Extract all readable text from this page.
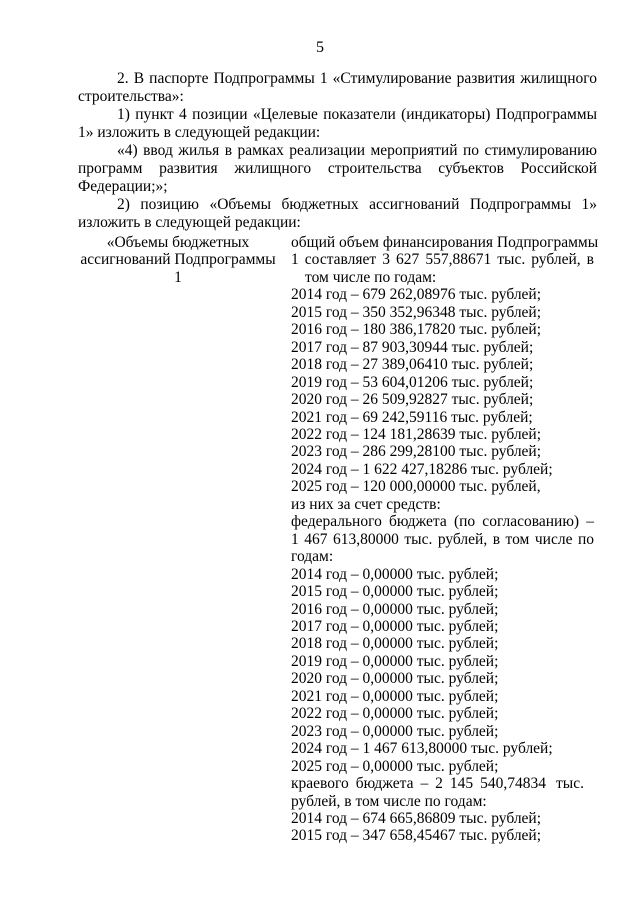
5

2. В паспорте Подпрограммы 1 «Стимулирование развития жилищного строительства»:

1) пункт 4 позиции «Целевые показатели (индикаторы) Подпрограммы 1» изложить в следующей редакции:

«4) ввод жилья в рамках реализации мероприятий по стимулированию программ развития жилищного строительства субъектов Российской Федерации;»;

2) позицию «Объемы бюджетных ассигнований Подпрограммы 1» изложить в следующей редакции:

«Объемы бюджетных
ассигнований Подпрограммы 1
общий объем финансирования Подпрограммы
1 составляет 3 627 557,88671 тыс. рублей, в
том числе по годам:
2014 год – 679 262,08976 тыс. рублей;
2015 год – 350 352,96348 тыс. рублей;
2016 год – 180 386,17820 тыс. рублей;
2017 год – 87 903,30944 тыс. рублей;
2018 год – 27 389,06410 тыс. рублей;
2019 год – 53 604,01206 тыс. рублей;
2020 год – 26 509,92827 тыс. рублей;
2021 год – 69 242,59116 тыс. рублей;
2022 год – 124 181,28639 тыс. рублей;
2023 год – 286 299,28100 тыс. рублей;
2024 год – 1 622 427,18286 тыс. рублей;
2025 год – 120 000,00000 тыс. рублей,
из них за счет средств:
федерального бюджета (по согласованию) –
1 467 613,80000 тыс. рублей, в том числе по
годам:
2014 год – 0,00000 тыс. рублей;
2015 год – 0,00000 тыс. рублей;
2016 год – 0,00000 тыс. рублей;
2017 год – 0,00000 тыс. рублей;
2018 год – 0,00000 тыс. рублей;
2019 год – 0,00000 тыс. рублей;
2020 год – 0,00000 тыс. рублей;
2021 год – 0,00000 тыс. рублей;
2022 год – 0,00000 тыс. рублей;
2023 год – 0,00000 тыс. рублей;
2024 год – 1 467 613,80000 тыс. рублей;
2025 год – 0,00000 тыс. рублей;
краевого бюджета – 2 145 540,74834 тыс.
рублей, в том числе по годам:
2014 год – 674 665,86809 тыс. рублей;
2015 год – 347 658,45467 тыс. рублей;
